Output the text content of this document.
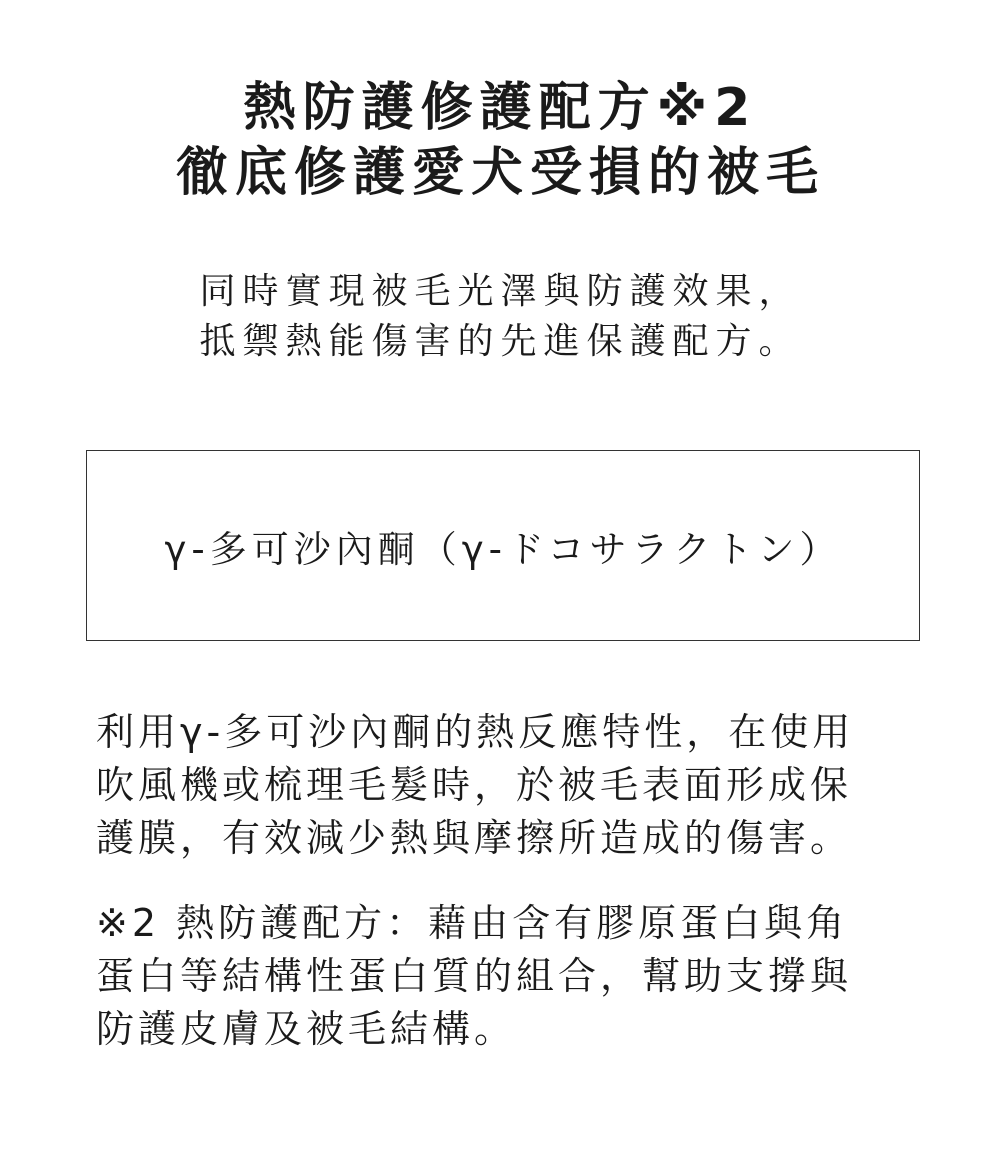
熱防護修護配方※2
徹底修護愛犬受損的被毛

同時實現被毛光澤與防護效果，

抵禦熱能傷害的先進保護配方。

γ-多可沙內酮（γ-ドコサラクトン）

利用γ-多可沙內酮的熱反應特性，在使用
吹風機或梳理毛髮時，於被毛表面形成保
護膜，有效減少熱與摩擦所造成的傷害。

※2 熱防護配方：藉由含有膠原蛋白與角
蛋白等結構性蛋白質的組合，幫助支撐與
防護皮膚及被毛結構。
